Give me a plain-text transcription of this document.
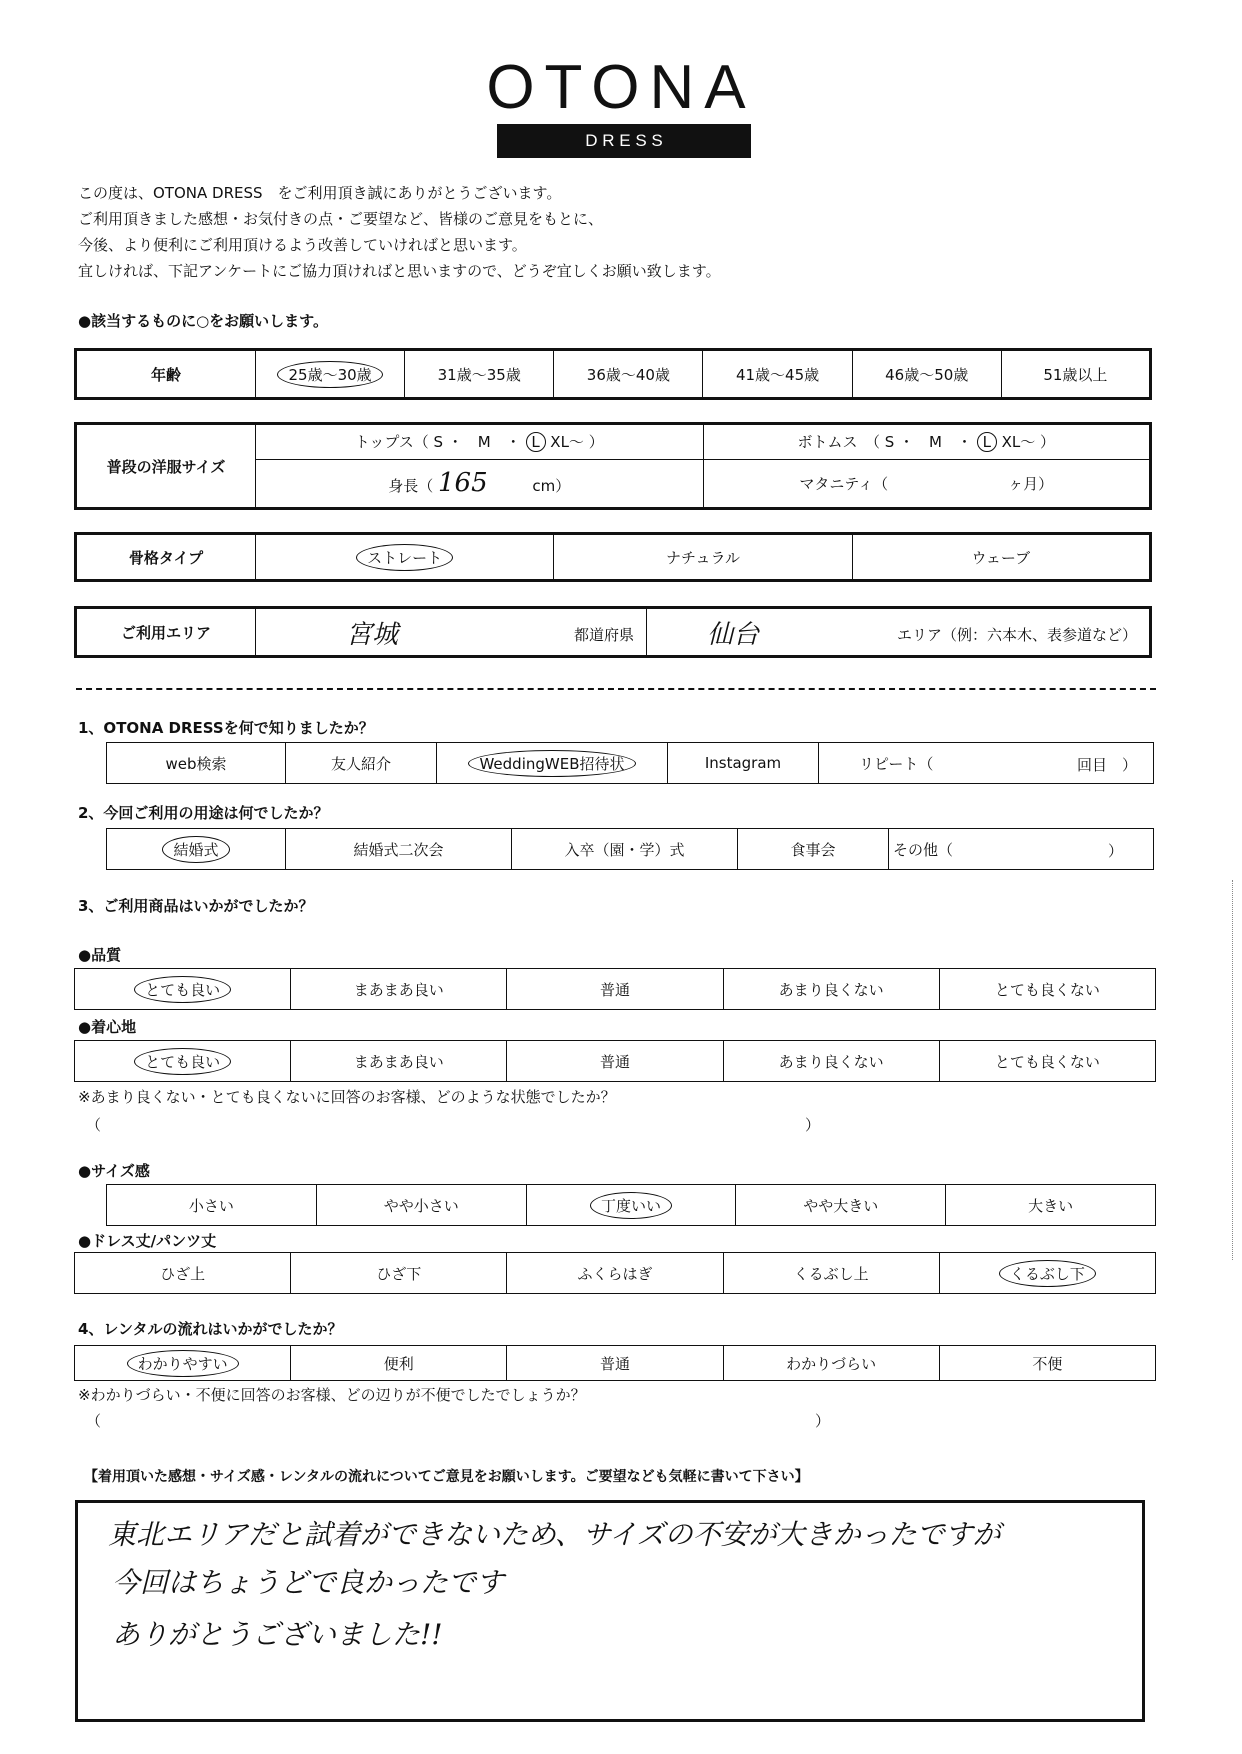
OTONA
D R E S S
この度は、OTONA DRESS　をご利用頂き誠にありがとうございます。
ご利用頂きました感想・お気付きの点・ご要望など、皆様のご意見をもとに、
今後、より便利にご利用頂けるよう改善していければと思います。
宜しければ、下記アンケートにご協力頂ければと思いますので、どうぞ宜しくお願い致します。
●該当するものに○をお願いします。
年齢	25歳～30歳	31歳～35歳	36歳～40歳	41歳～45歳	46歳～50歳	51歳以上
普段の洋服サイズ	トップス（ S ・　M　・ L XL～ ）	ボトムス　（ S ・　M　・ L XL～ ）
	身長（ 165 cm）	マタニティ（ ヶ月）
骨格タイプ	ストレート	ナチュラル	ウェーブ
ご利用エリア	宮城	都道府県	仙台	エリア（例：六本木、表参道など）
1、OTONA DRESSを何で知りましたか？
web検索	友人紹介	WeddingWEB招待状	Instagram	リピート（	回目　）
2、今回ご利用の用途は何でしたか？
結婚式	結婚式二次会	入卒（園・学）式	食事会	その他（	）
3、ご利用商品はいかがでしたか？
●品質
とても良い	まあまあ良い	普通	あまり良くない	とても良くない
●着心地
とても良い	まあまあ良い	普通	あまり良くない	とても良くない
※あまり良くない・とても良くないに回答のお客様、どのような状態でしたか？
（	）
●サイズ感
小さい	やや小さい	丁度いい	やや大きい	大きい
●ドレス丈/パンツ丈
ひざ上	ひざ下	ふくらはぎ	くるぶし上	くるぶし下
4、レンタルの流れはいかがでしたか？
わかりやすい	便利	普通	わかりづらい	不便
※わかりづらい・不便に回答のお客様、どの辺りが不便でしたでしょうか？
（	）
【着用頂いた感想・サイズ感・レンタルの流れについてご意見をお願いします。ご要望なども気軽に書いて下さい】
東北エリアだと試着ができないため、サイズの不安が大きかったですが
今回はちょうどで良かったです
ありがとうございました!!
